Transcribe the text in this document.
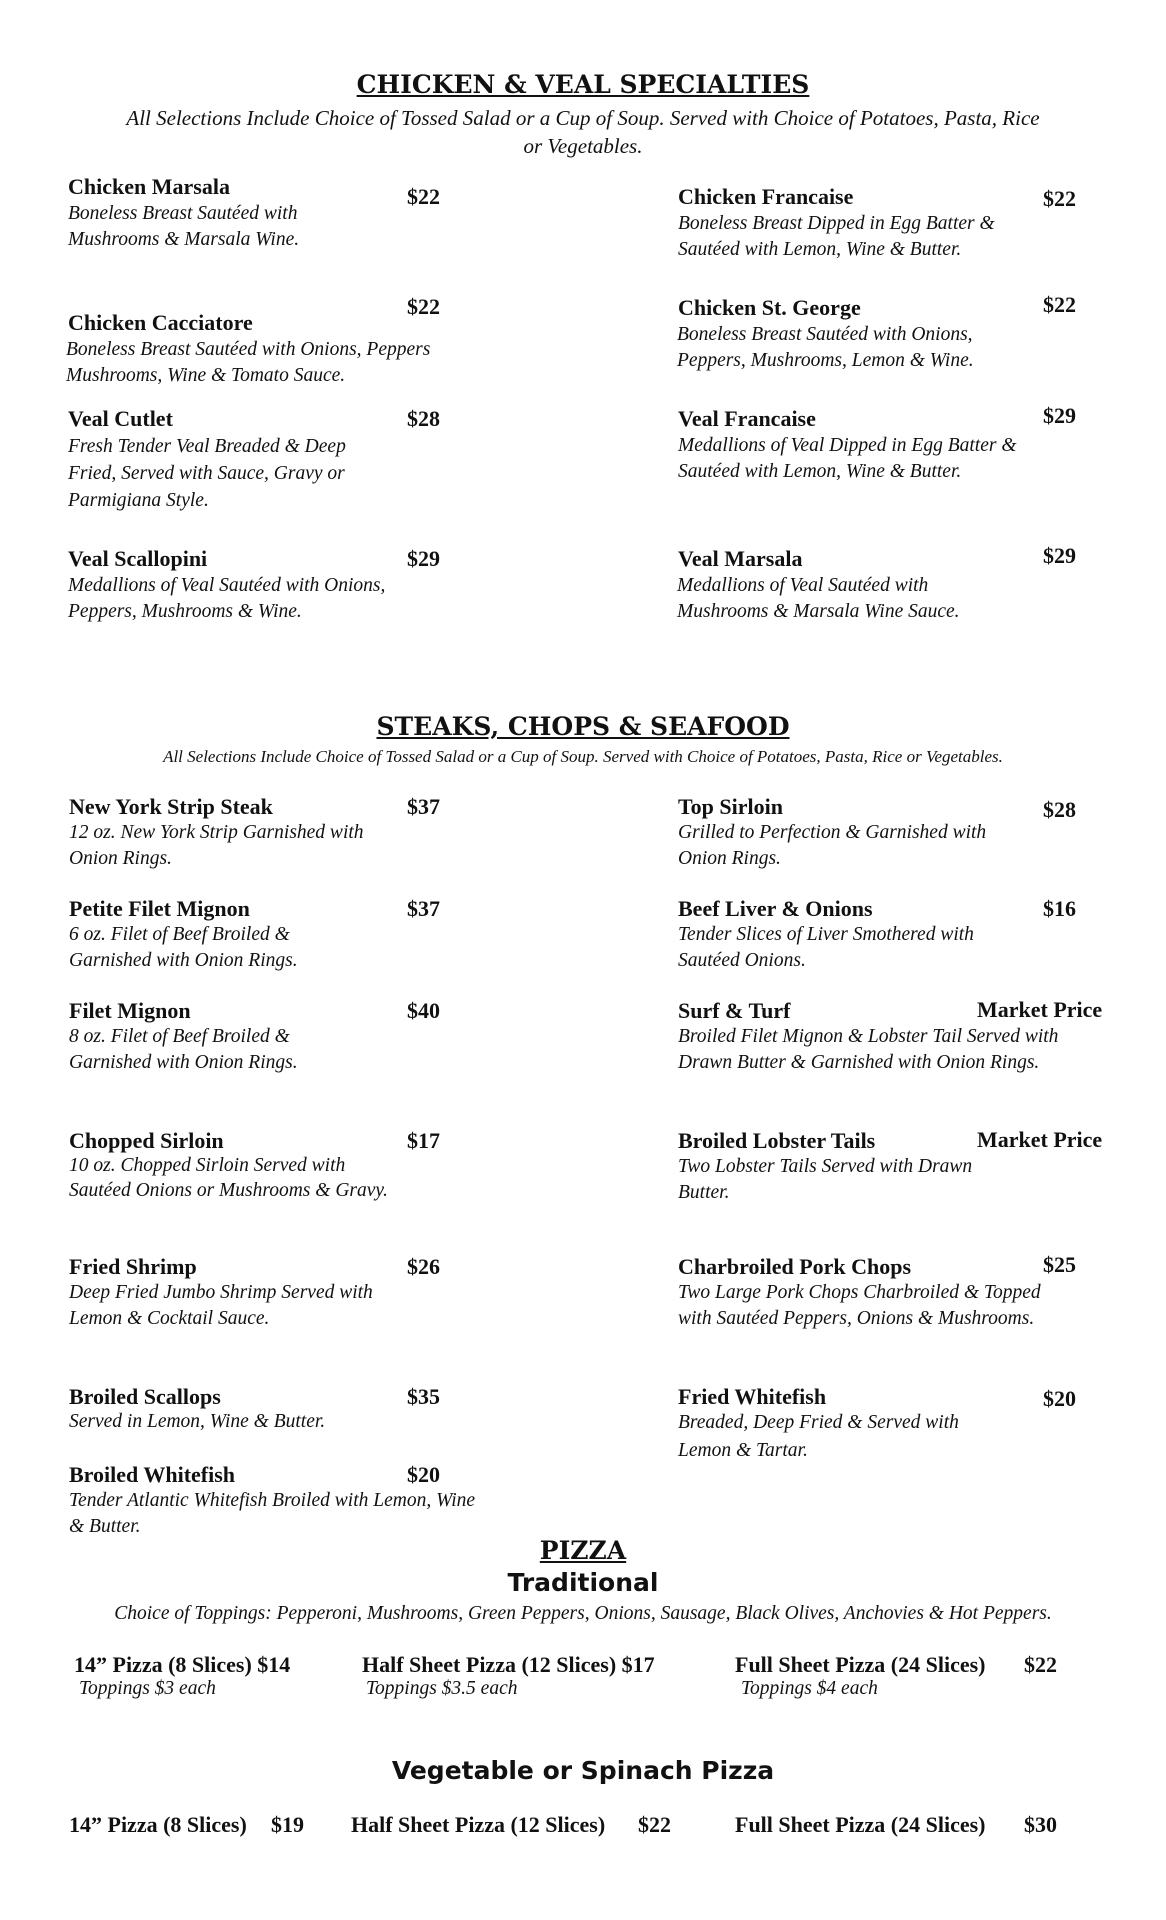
CHICKEN & VEAL SPECIALTIES
All Selections Include Choice of Tossed Salad or a Cup of Soup. Served with Choice of Potatoes, Pasta, Rice
or Vegetables.
Chicken Marsala	$22
Boneless Breast Sautéed with Mushrooms & Marsala Wine.
Chicken Francaise	$22
Boneless Breast Dipped in Egg Batter & Sautéed with Lemon, Wine & Butter.
$22
Chicken Cacciatore
Boneless Breast Sautéed with Onions, Peppers Mushrooms, Wine & Tomato Sauce.
Chicken St. George	$22
Boneless Breast Sautéed with Onions, Peppers, Mushrooms, Lemon & Wine.
Veal Cutlet	$28
Fresh Tender Veal Breaded & Deep Fried, Served with Sauce, Gravy or Parmigiana Style.
Veal Francaise	$29
Medallions of Veal Dipped in Egg Batter & Sautéed with Lemon, Wine & Butter.
Veal Scallopini	$29
Medallions of Veal Sautéed with Onions, Peppers, Mushrooms & Wine.
Veal Marsala	$29
Medallions of Veal Sautéed with Mushrooms & Marsala Wine Sauce.
STEAKS, CHOPS & SEAFOOD
All Selections Include Choice of Tossed Salad or a Cup of Soup. Served with Choice of Potatoes, Pasta, Rice or Vegetables.
New York Strip Steak	$37
12 oz. New York Strip Garnished with Onion Rings.
Top Sirloin	$28
Grilled to Perfection & Garnished with Onion Rings.
Petite Filet Mignon	$37
6 oz. Filet of Beef Broiled & Garnished with Onion Rings.
Beef Liver & Onions	$16
Tender Slices of Liver Smothered with Sautéed Onions.
Filet Mignon	$40
8 oz. Filet of Beef Broiled & Garnished with Onion Rings.
Surf & Turf	Market Price
Broiled Filet Mignon & Lobster Tail Served with Drawn Butter & Garnished with Onion Rings.
Chopped Sirloin	$17
10 oz. Chopped Sirloin Served with Sautéed Onions or Mushrooms & Gravy.
Broiled Lobster Tails	Market Price
Two Lobster Tails Served with Drawn Butter.
Fried Shrimp	$26
Deep Fried Jumbo Shrimp Served with Lemon & Cocktail Sauce.
Charbroiled Pork Chops	$25
Two Large Pork Chops Charbroiled & Topped with Sautéed Peppers, Onions & Mushrooms.
Broiled Scallops	$35
Served in Lemon, Wine & Butter.
Fried Whitefish	$20
Breaded, Deep Fried & Served with Lemon & Tartar.
Broiled Whitefish	$20
Tender Atlantic Whitefish Broiled with Lemon, Wine & Butter.
PIZZA
Traditional
Choice of Toppings: Pepperoni, Mushrooms, Green Peppers, Onions, Sausage, Black Olives, Anchovies & Hot Peppers.
14” Pizza (8 Slices) $14
Toppings $3 each
Half Sheet Pizza (12 Slices) $17
Toppings $3.5 each
Full Sheet Pizza (24 Slices) $22
Toppings $4 each
Vegetable or Spinach Pizza
14” Pizza (8 Slices) $19 Half Sheet Pizza (12 Slices) $22	Full Sheet Pizza (24 Slices) $30
